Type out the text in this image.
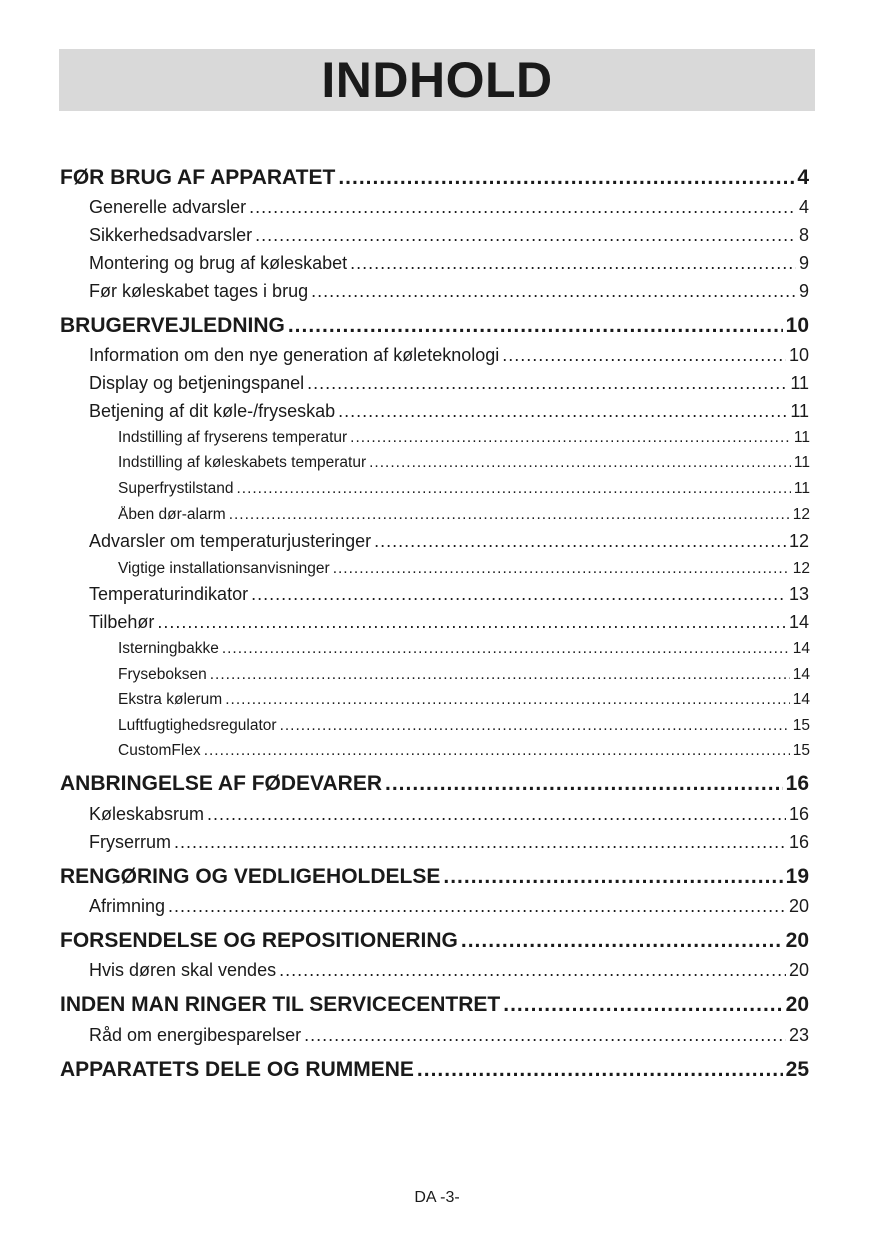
INDHOLD
FØR BRUG AF APPARATET .....	4
Generelle advarsler .....	4
Sikkerhedsadvarsler .....	8
Montering og brug af køleskabet .....	9
Før køleskabet tages i brug .....	9
BRUGERVEJLEDNING .....	10
Information om den nye generation af køleteknologi .....	10
Display og betjeningspanel .....	11
Betjening af dit køle-/fryseskab .....	11
Indstilling af fryserens temperatur .....	11
Indstilling af køleskabets temperatur .....	11
Superfrystilstand .....	11
Åben dør-alarm .....	12
Advarsler om temperaturjusteringer .....	12
Vigtige installationsanvisninger .....	12
Temperaturindikator .....	13
Tilbehør .....	14
Isterningbakke .....	14
Fryseboksen .....	14
Ekstra kølerum .....	14
Luftfugtighedsregulator .....	15
CustomFlex .....	15
ANBRINGELSE AF FØDEVARER .....	16
Køleskabsrum .....	16
Fryserrum .....	16
RENGØRING OG VEDLIGEHOLDELSE .....	19
Afrimning .....	20
FORSENDELSE OG REPOSITIONERING .....	20
Hvis døren skal vendes .....	20
INDEN MAN RINGER TIL SERVICECENTRET .....	20
Råd om energibesparelser .....	23
APPARATETS DELE OG RUMMENE .....	25
DA -3-
